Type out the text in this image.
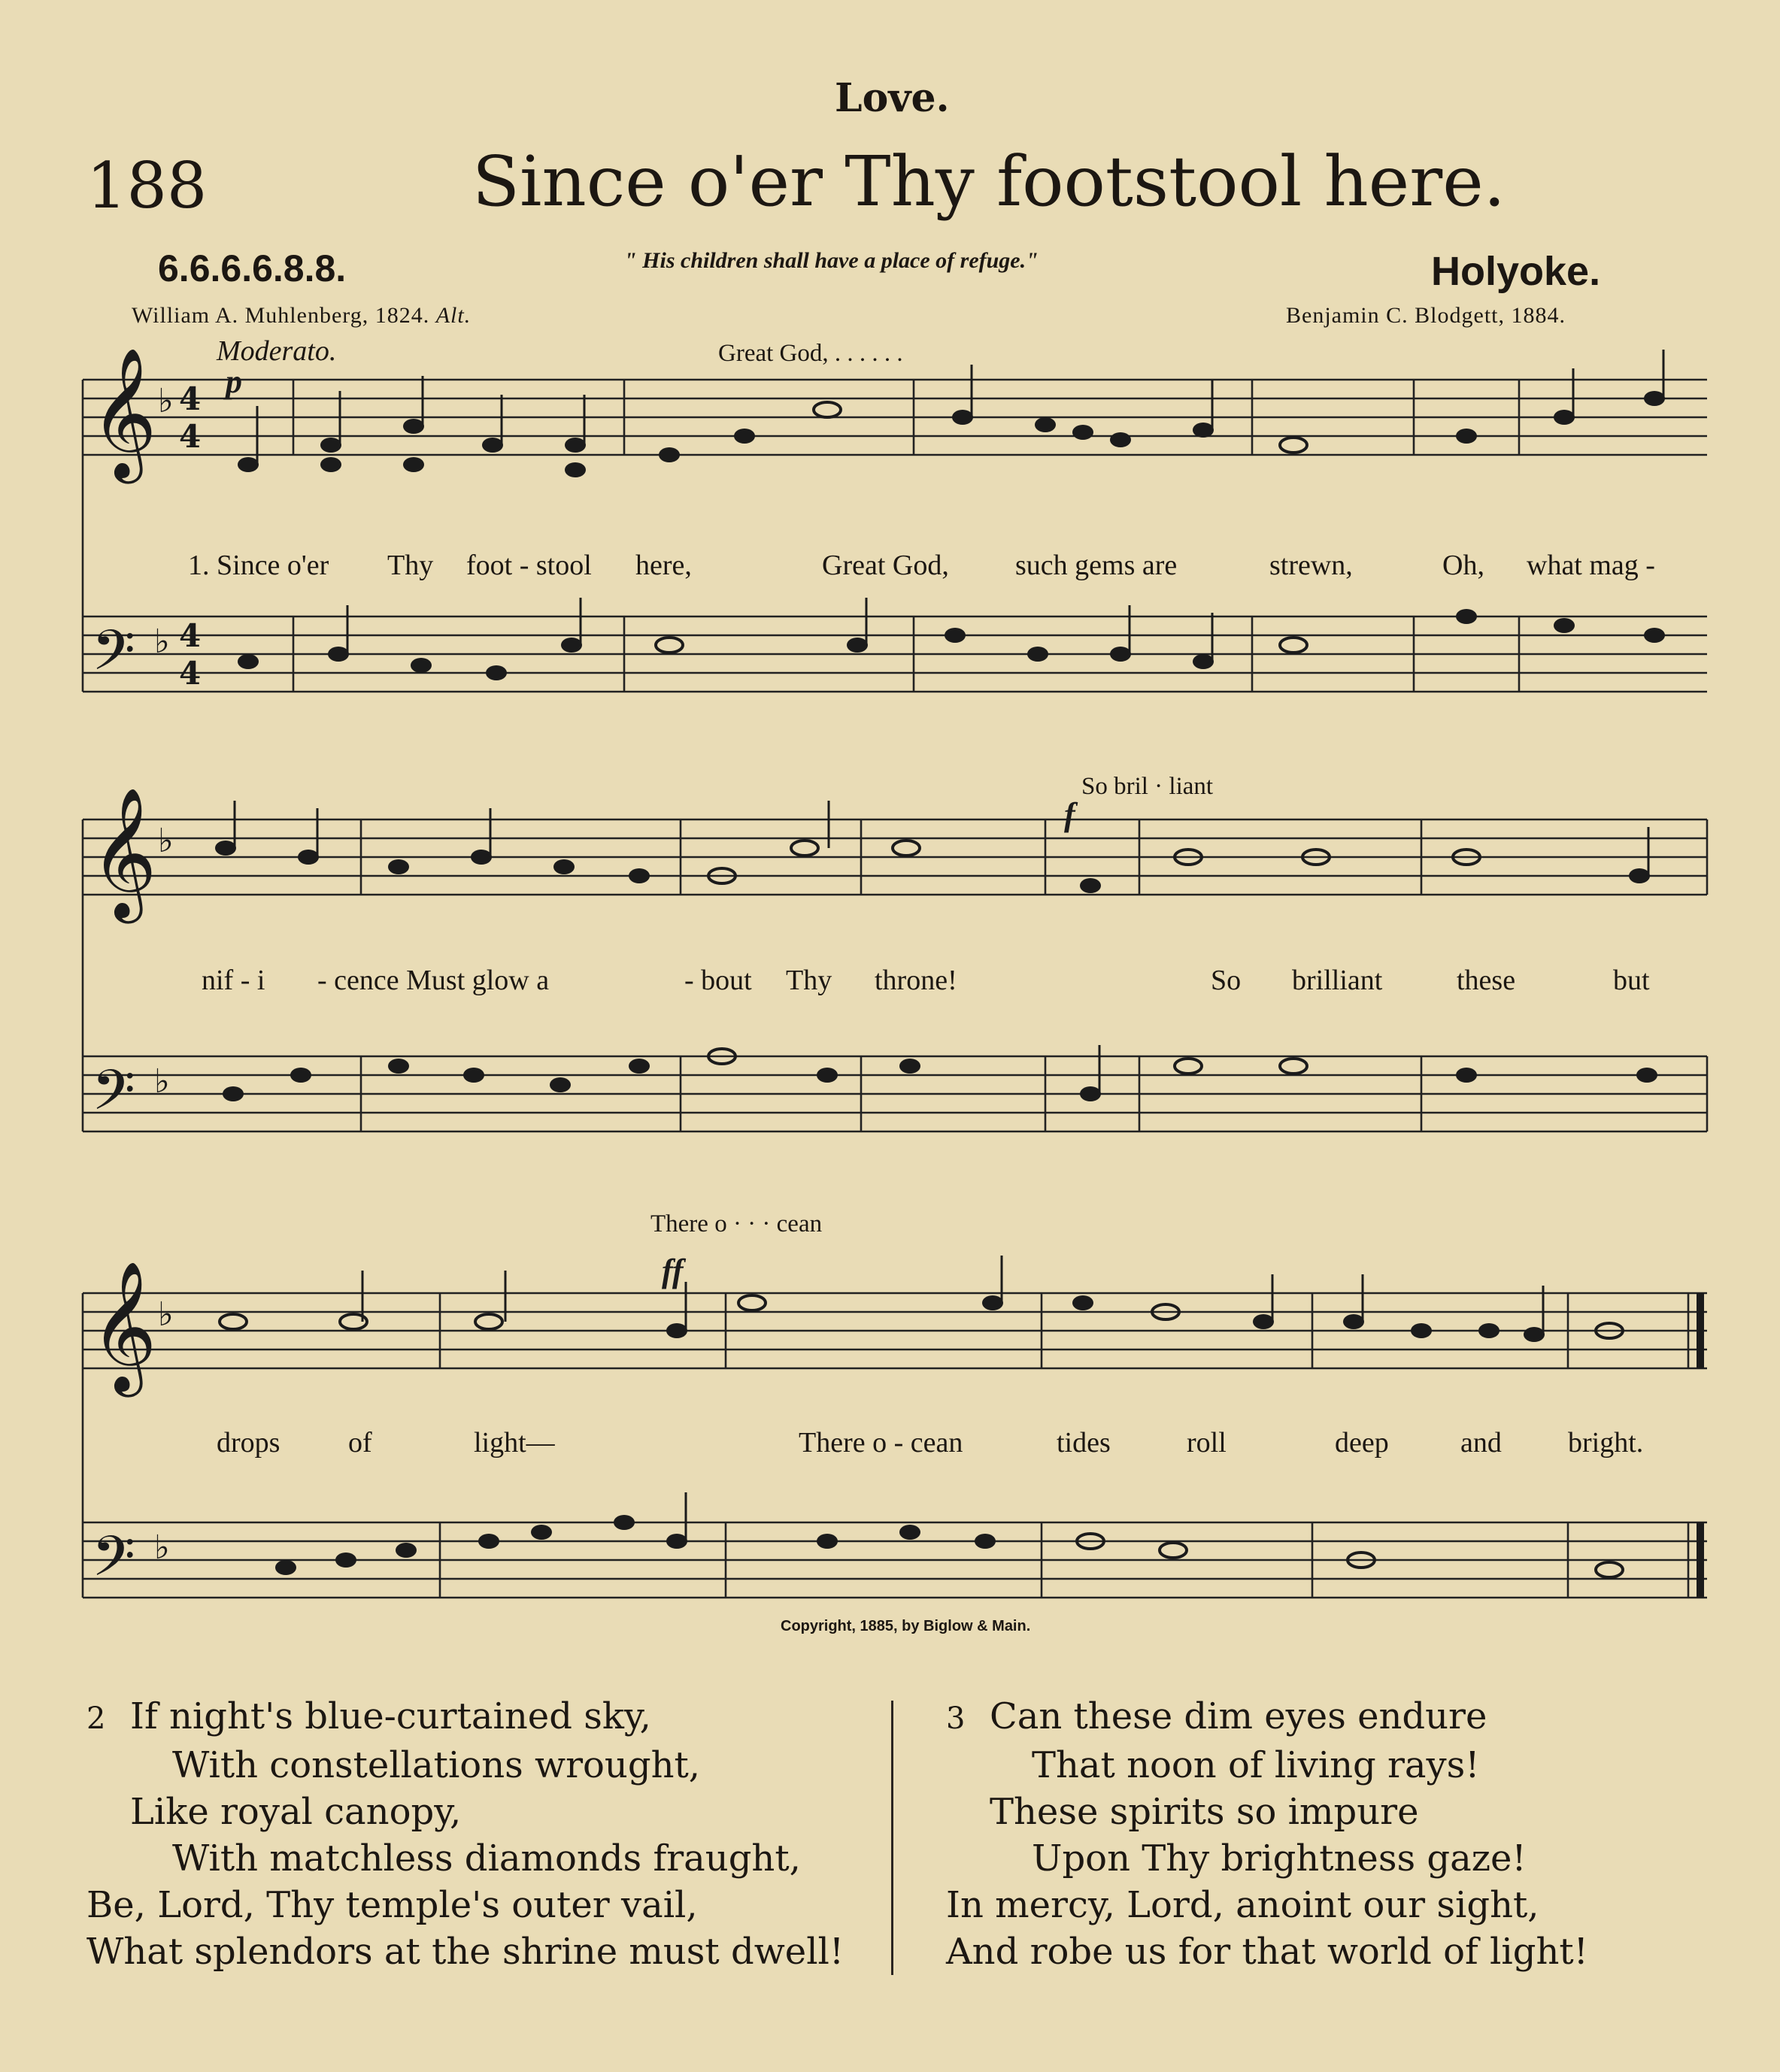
Love.
188	Since o'er Thy footstool here.
6.6.6.6.8.8.	" His children shall have a place of refuge."	Holyoke.
William A. Muhlenberg, 1824. Alt.	Benjamin C. Blodgett, 1884.
𝄞
𝄢
♭
♭
4
4
4
4
p
𝄞
𝄢
♭
♭
f
𝄞
𝄢
♭
♭
ff
Moderato.	Great God, . . . . . .
So bril · liant
There o · · · cean
1. Since o'er Thy foot - stool here,	Great God, such gems are	strewn,	Oh, what mag -
nif - i - cence Must glow a	- bout Thy throne!	So brilliant	these	but
drops of	light—	There o - cean	tides	roll	deep	and bright.
Copyright, 1885, by Biglow & Main.
2 If night's blue-curtained sky,
With constellations wrought,
Like royal canopy,
With matchless diamonds fraught,
Be, Lord, Thy temple's outer vail,
What splendors at the shrine must dwell!
3 Can these dim eyes endure
That noon of living rays!
These spirits so impure
Upon Thy brightness gaze!
In mercy, Lord, anoint our sight,
And robe us for that world of light!
